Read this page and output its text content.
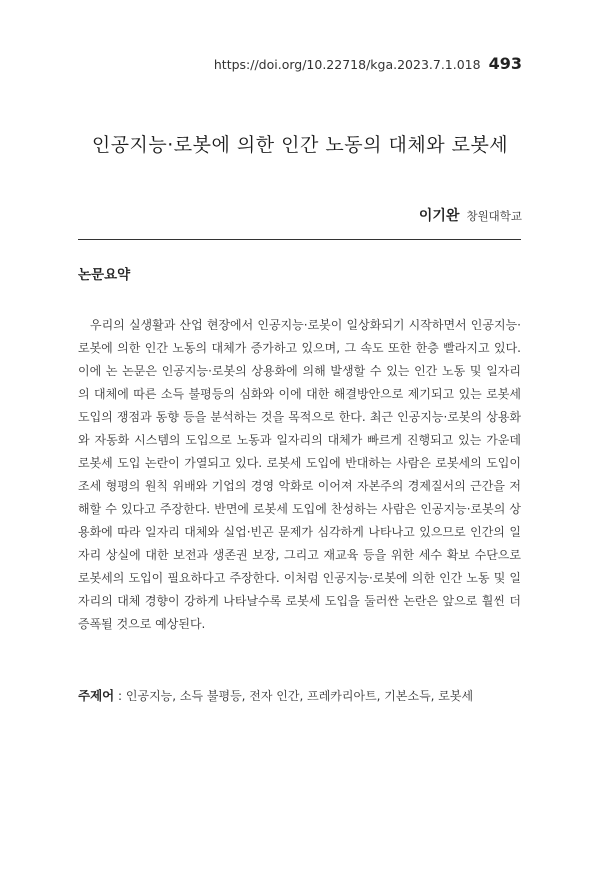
https://doi.org/10.22718/kga.2023.7.1.018 493
인공지능·로봇에 의한 인간 노동의 대체와 로봇세
이기완 창원대학교
논문요약

우리의 실생활과 산업 현장에서 인공지능·로봇이 일상화되기 시작하면서 인공지능·로봇에 의한 인간 노동의 대체가 증가하고 있으며, 그 속도 또한 한층 빨라지고 있다. 이에 논 논문은 인공지능·로봇의 상용화에 의해 발생할 수 있는 인간 노동 및 일자리의 대체에 따른 소득 불평등의 심화와 이에 대한 해결방안으로 제기되고 있는 로봇세 도입의 쟁점과 동향 등을 분석하는 것을 목적으로 한다. 최근 인공지능·로봇의 상용화와 자동화 시스템의 도입으로 노동과 일자리의 대체가 빠르게 진행되고 있는 가운데 로봇세 도입 논란이 가열되고 있다. 로봇세 도입에 반대하는 사람은 로봇세의 도입이 조세 형평의 원칙 위배와 기업의 경영 악화로 이어져 자본주의 경제질서의 근간을 저해할 수 있다고 주장한다. 반면에 로봇세 도입에 찬성하는 사람은 인공지능·로봇의 상용화에 따라 일자리 대체와 실업·빈곤 문제가 심각하게 나타나고 있으므로 인간의 일자리 상실에 대한 보전과 생존권 보장, 그리고 재교육 등을 위한 세수 확보 수단으로 로봇세의 도입이 필요하다고 주장한다. 이처럼 인공지능·로봇에 의한 인간 노동 및 일자리의 대체 경향이 강하게 나타날수록 로봇세 도입을 둘러싼 논란은 앞으로 훨씬 더 증폭될 것으로 예상된다.

주제어 : 인공지능, 소득 불평등, 전자 인간, 프레카리아트, 기본소득, 로봇세
